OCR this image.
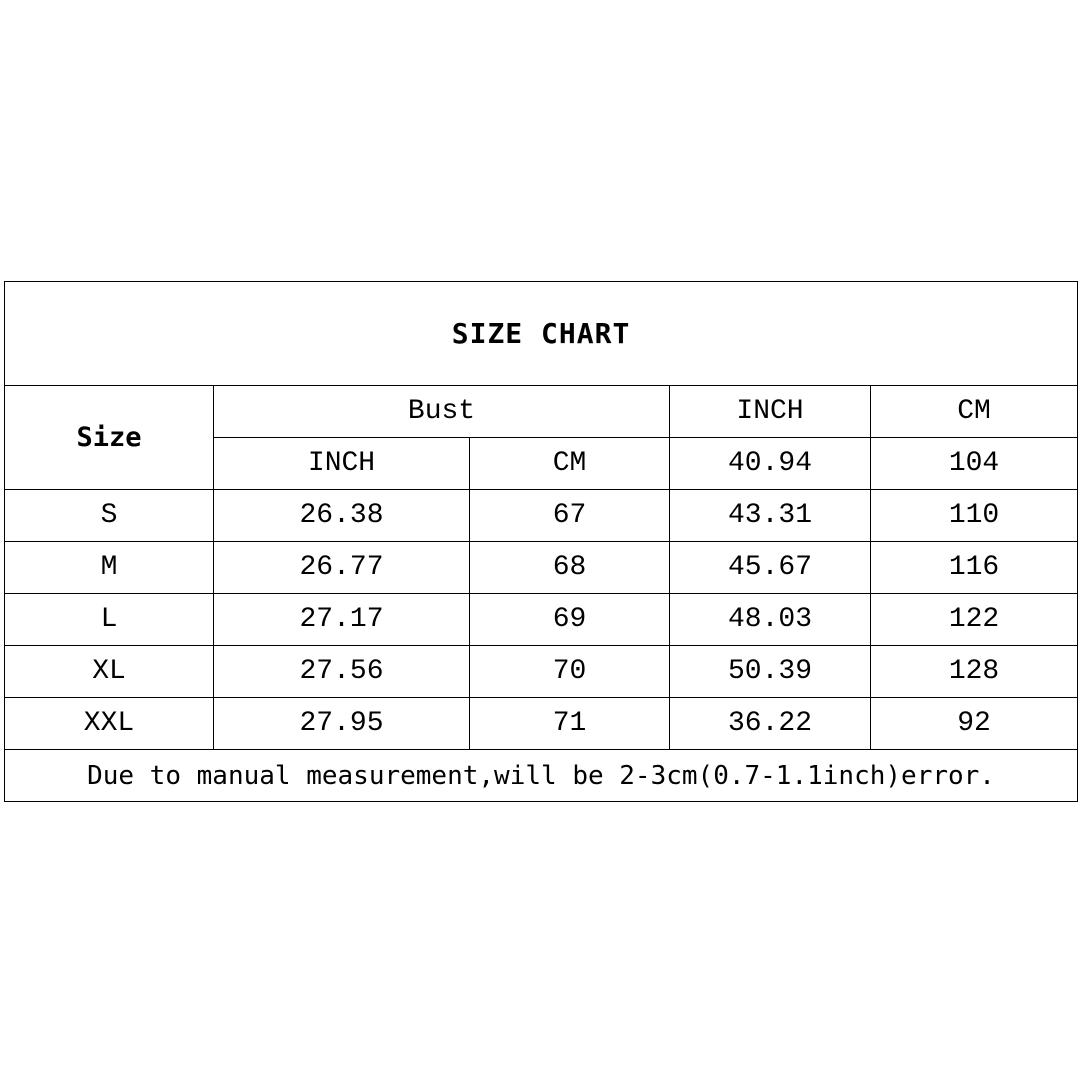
SIZE CHART				
Size	Bust		INCH	CM
	INCH	CM	40.94	104
S	26.38	67	43.31	110
M	26.77	68	45.67	116
L	27.17	69	48.03	122
XL	27.56	70	50.39	128
XXL	27.95	71	36.22	92
Due to manual measurement,will be 2-3cm(0.7-1.1inch)error.				
